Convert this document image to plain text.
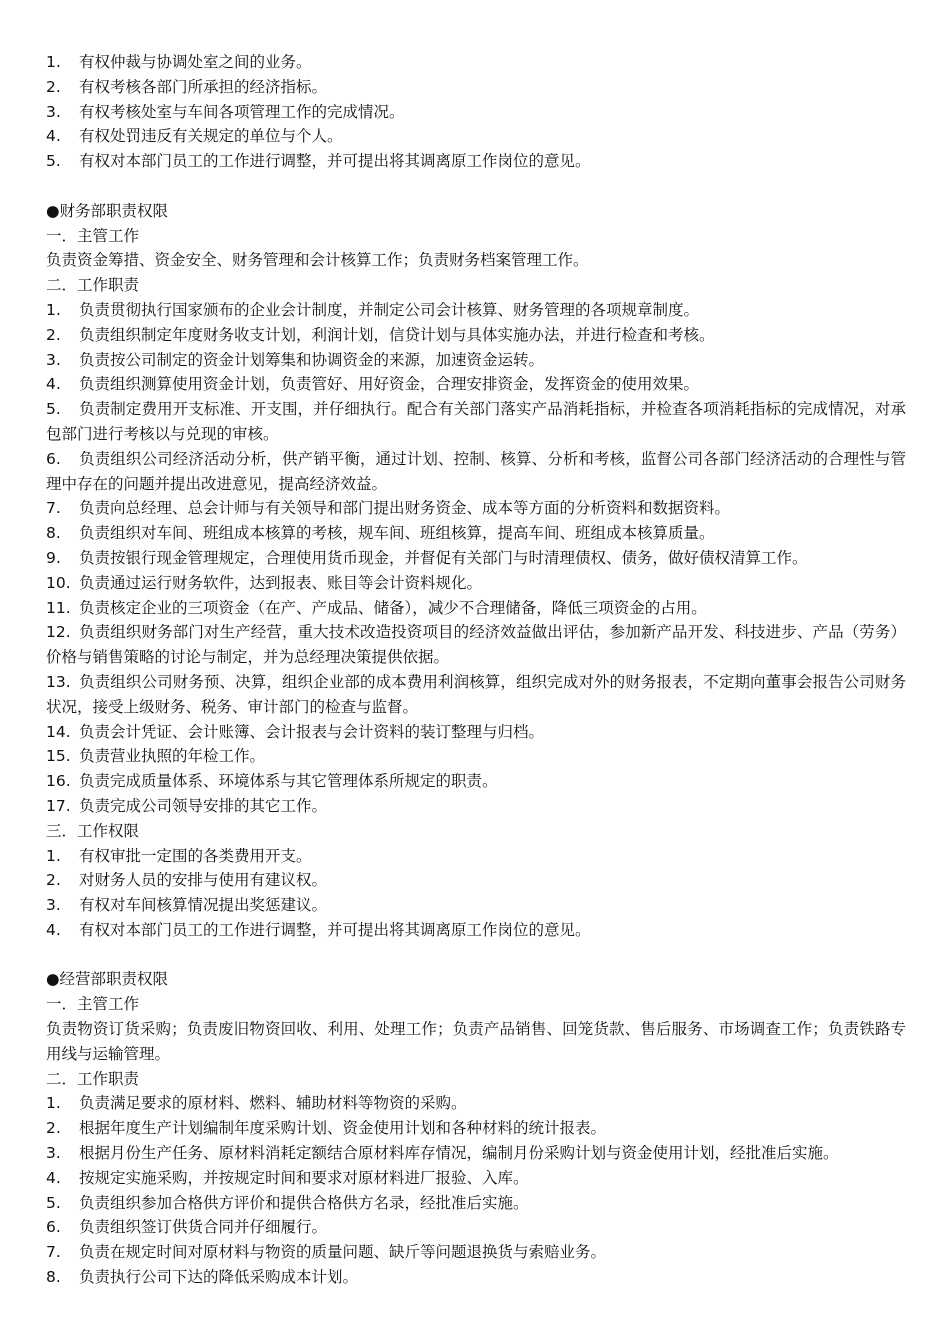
1. 有权仲裁与协调处室之间的业务。
2. 有权考核各部门所承担的经济指标。
3. 有权考核处室与车间各项管理工作的完成情况。
4. 有权处罚违反有关规定的单位与个人。
5. 有权对本部门员工的工作进行调整，并可提出将其调离原工作岗位的意见。
●财务部职责权限
一．主管工作
负责资金筹措、资金安全、财务管理和会计核算工作；负责财务档案管理工作。
二．工作职责
1. 负责贯彻执行国家颁布的企业会计制度，并制定公司会计核算、财务管理的各项规章制度。
2. 负责组织制定年度财务收支计划，利润计划，信贷计划与具体实施办法，并进行检查和考核。
3. 负责按公司制定的资金计划筹集和协调资金的来源，加速资金运转。
4. 负责组织测算使用资金计划，负责管好、用好资金，合理安排资金，发挥资金的使用效果。
5. 负责制定费用开支标准、开支围，并仔细执行。配合有关部门落实产品消耗指标，并检查各项消耗指标的完成情况，对承包部门进行考核以与兑现的审核。
6. 负责组织公司经济活动分析，供产销平衡，通过计划、控制、核算、分析和考核，监督公司各部门经济活动的合理性与管理中存在的问题并提出改进意见，提高经济效益。
7. 负责向总经理、总会计师与有关领导和部门提出财务资金、成本等方面的分析资料和数据资料。
8. 负责组织对车间、班组成本核算的考核，规车间、班组核算，提高车间、班组成本核算质量。
9. 负责按银行现金管理规定，合理使用货币现金，并督促有关部门与时清理债权、债务，做好债权清算工作。
10. 负责通过运行财务软件，达到报表、账目等会计资料规化。
11. 负责核定企业的三项资金（在产、产成品、储备），减少不合理储备，降低三项资金的占用。
12. 负责组织财务部门对生产经营，重大技术改造投资项目的经济效益做出评估，参加新产品开发、科技进步、产品（劳务）价格与销售策略的讨论与制定，并为总经理决策提供依据。
13. 负责组织公司财务预、决算，组织企业部的成本费用利润核算，组织完成对外的财务报表，不定期向董事会报告公司财务状况，接受上级财务、税务、审计部门的检查与监督。
14. 负责会计凭证、会计账簿、会计报表与会计资料的装订整理与归档。
15. 负责营业执照的年检工作。
16. 负责完成质量体系、环境体系与其它管理体系所规定的职责。
17. 负责完成公司领导安排的其它工作。
三．工作权限
1. 有权审批一定围的各类费用开支。
2. 对财务人员的安排与使用有建议权。
3. 有权对车间核算情况提出奖惩建议。
4. 有权对本部门员工的工作进行调整，并可提出将其调离原工作岗位的意见。
●经营部职责权限
一．主管工作
负责物资订货采购；负责废旧物资回收、利用、处理工作；负责产品销售、回笼货款、售后服务、市场调查工作；负责铁路专用线与运输管理。
二．工作职责
1. 负责满足要求的原材料、燃料、辅助材料等物资的采购。
2. 根据年度生产计划编制年度采购计划、资金使用计划和各种材料的统计报表。
3. 根据月份生产任务、原材料消耗定额结合原材料库存情况，编制月份采购计划与资金使用计划，经批准后实施。
4. 按规定实施采购，并按规定时间和要求对原材料进厂报验、入库。
5. 负责组织参加合格供方评价和提供合格供方名录，经批准后实施。
6. 负责组织签订供货合同并仔细履行。
7. 负责在规定时间对原材料与物资的质量问题、缺斤等问题退换货与索赔业务。
8. 负责执行公司下达的降低采购成本计划。
